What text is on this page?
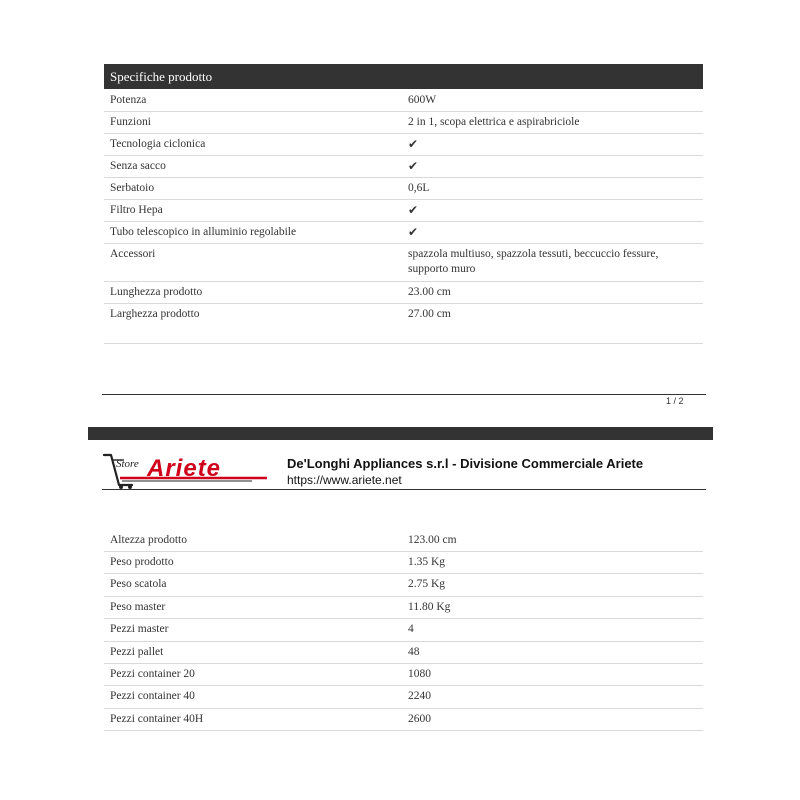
Specifiche prodotto
Potenza	600W
Funzioni	2 in 1, scopa elettrica e aspirabriciole
Tecnologia ciclonica	✔
Senza sacco	✔
Serbatoio	0,6L
Filtro Hepa	✔
Tubo telescopico in alluminio regolabile	✔
Accessori	spazzola multiuso, spazzola tessuti, beccuccio fessure, supporto muro
Lunghezza prodotto	23.00 cm
Larghezza prodotto	27.00 cm
1 / 2
Store Ariete	De'Longhi Appliances s.r.l - Divisione Commerciale Ariete
https://www.ariete.net
Altezza prodotto	123.00 cm
Peso prodotto	1.35 Kg
Peso scatola	2.75 Kg
Peso master	11.80 Kg
Pezzi master	4
Pezzi pallet	48
Pezzi container 20	1080
Pezzi container 40	2240
Pezzi container 40H	2600
